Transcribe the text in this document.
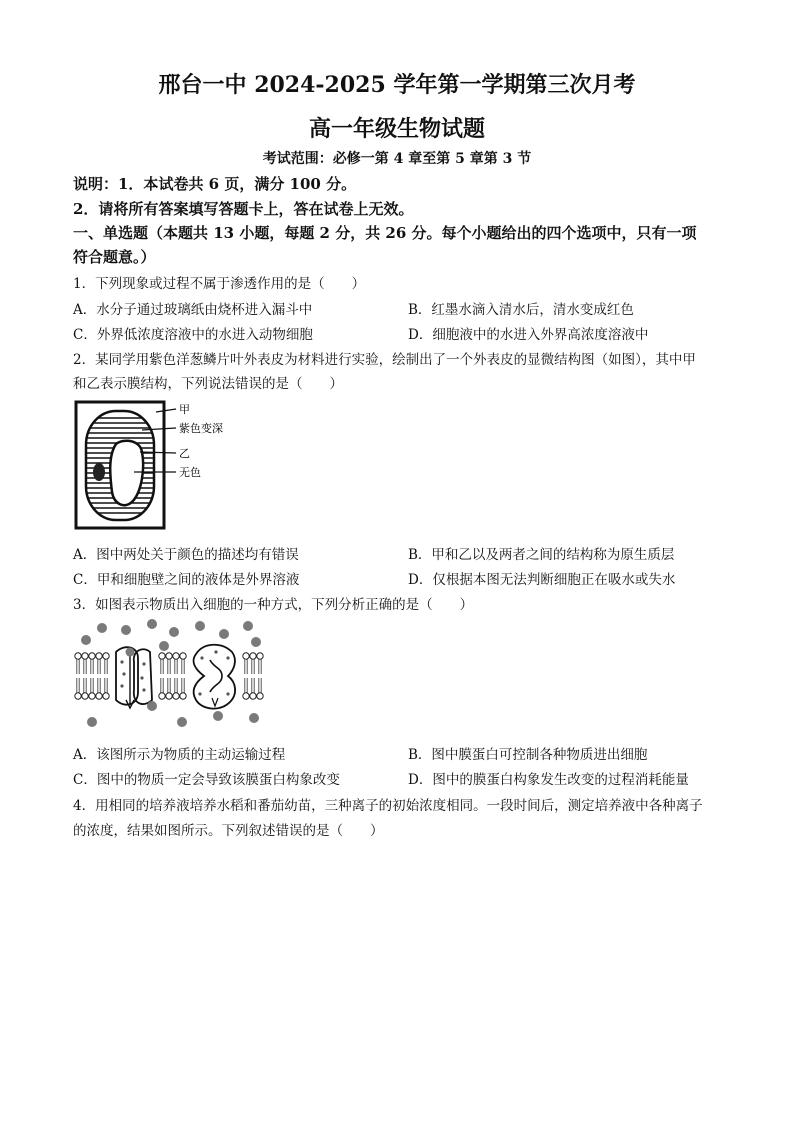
邢台一中 2024-2025 学年第一学期第三次月考
高一年级生物试题
考试范围：必修一第 4 章至第 5 章第 3 节
说明：1．本试卷共 6 页，满分 100 分。
2．请将所有答案填写答题卡上，答在试卷上无效。
一、单选题（本题共 13 小题，每题 2 分，共 26 分。每个小题给出的四个选项中，只有一项
符合题意。）
1．下列现象或过程不属于渗透作用的是（　　）
A．水分子通过玻璃纸由烧杯进入漏斗中	B．红墨水滴入清水后，清水变成红色
C．外界低浓度溶液中的水进入动物细胞	D．细胞液中的水进入外界高浓度溶液中
2．某同学用紫色洋葱鳞片叶外表皮为材料进行实验，绘制出了一个外表皮的显微结构图（如图），其中甲
和乙表示膜结构，下列说法错误的是（　　）
甲
紫色变深
乙
无色
A．图中两处关于颜色的描述均有错误	B．甲和乙以及两者之间的结构称为原生质层
C．甲和细胞壁之间的液体是外界溶液	D．仅根据本图无法判断细胞正在吸水或失水
3．如图表示物质出入细胞的一种方式，下列分析正确的是（　　）
A．该图所示为物质的主动运输过程	B．图中膜蛋白可控制各种物质进出细胞
C．图中的物质一定会导致该膜蛋白构象改变	D．图中的膜蛋白构象发生改变的过程消耗能量
4．用相同的培养液培养水稻和番茄幼苗，三种离子的初始浓度相同。一段时间后，测定培养液中各种离子
的浓度，结果如图所示。下列叙述错误的是（　　）
